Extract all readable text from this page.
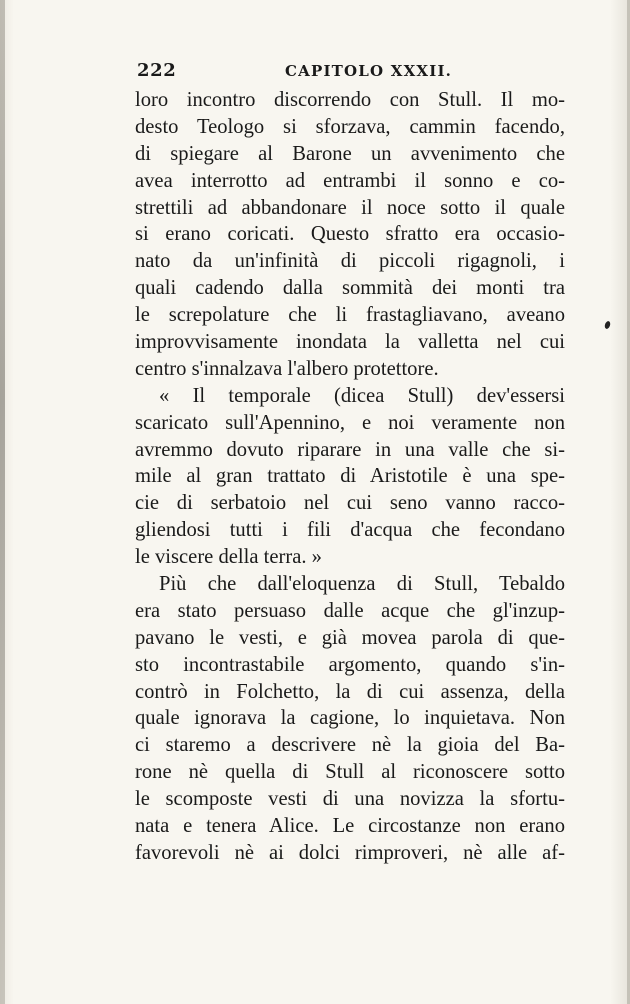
222	CAPITOLO XXXII.
loro incontro discorrendo con Stull. Il mo-
desto Teologo si sforzava, cammin facendo,
di spiegare al Barone un avvenimento che
avea interrotto ad entrambi il sonno e co-
strettili ad abbandonare il noce sotto il quale
si erano coricati. Questo sfratto era occasio-
nato da un'infinità di piccoli rigagnoli, i
quali cadendo dalla sommità dei monti tra
le screpolature che li frastagliavano, aveano
improvvisamente inondata la valletta nel cui
centro s'innalzava l'albero protettore.
« Il temporale (dicea Stull) dev'essersi
scaricato sull'Apennino, e noi veramente non
avremmo dovuto riparare in una valle che si-
mile al gran trattato di Aristotile è una spe-
cie di serbatoio nel cui seno vanno racco-
gliendosi tutti i fili d'acqua che fecondano
le viscere della terra. »
Più che dall'eloquenza di Stull, Tebaldo
era stato persuaso dalle acque che gl'inzup-
pavano le vesti, e già movea parola di que-
sto incontrastabile argomento, quando s'in-
contrò in Folchetto, la di cui assenza, della
quale ignorava la cagione, lo inquietava. Non
ci staremo a descrivere nè la gioia del Ba-
rone nè quella di Stull al riconoscere sotto
le scomposte vesti di una novizza la sfortu-
nata e tenera Alice. Le circostanze non erano
favorevoli nè ai dolci rimproveri, nè alle af-
